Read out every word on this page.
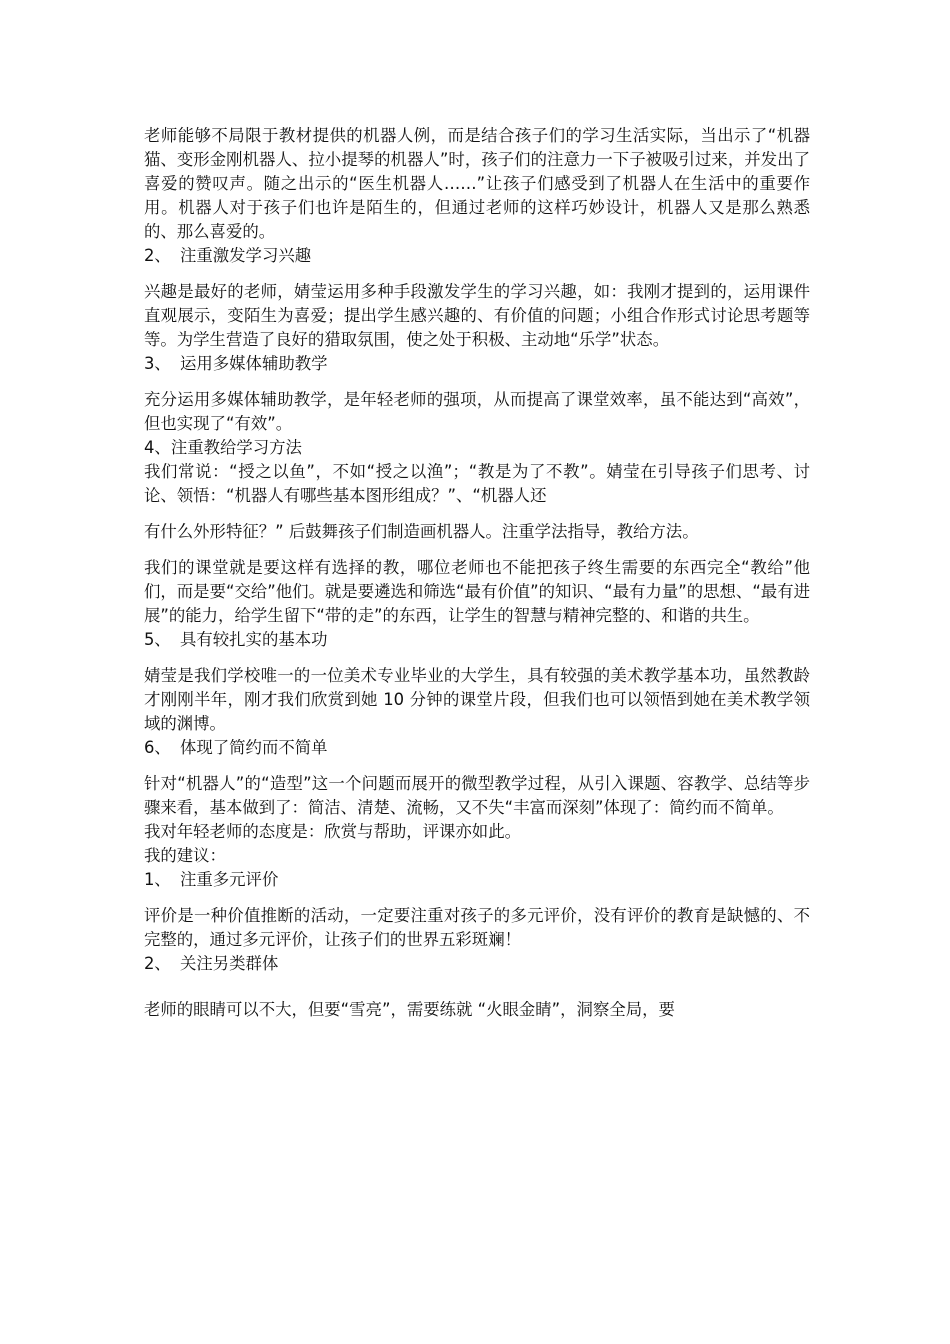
老师能够不局限于教材提供的机器人例，而是结合孩子们的学习生活实际，当出示了“机器猫、变形金刚机器人、拉小提琴的机器人”时，孩子们的注意力一下子被吸引过来，并发出了喜爱的赞叹声。随之出示的“医生机器人……”让孩子们感受到了机器人在生活中的重要作用。机器人对于孩子们也许是陌生的，但通过老师的这样巧妙设计，机器人又是那么熟悉的、那么喜爱的。

2、 注重激发学习兴趣

兴趣是最好的老师，婧莹运用多种手段激发学生的学习兴趣，如：我刚才提到的，运用课件直观展示，变陌生为喜爱；提出学生感兴趣的、有价值的问题；小组合作形式讨论思考题等等。为学生营造了良好的猎取氛围，使之处于积极、主动地“乐学”状态。

3、 运用多媒体辅助教学

充分运用多媒体辅助教学，是年轻老师的强项，从而提高了课堂效率，虽不能达到“高效”，但也实现了“有效”。

4、注重教给学习方法

我们常说：“授之以鱼”，不如“授之以渔”；“教是为了不教”。婧莹在引导孩子们思考、讨论、领悟：“机器人有哪些基本图形组成？”、“机器人还

有什么外形特征？” 后鼓舞孩子们制造画机器人。注重学法指导，教给方法。

我们的课堂就是要这样有选择的教，哪位老师也不能把孩子终生需要的东西完全“教给”他们，而是要“交给”他们。就是要遴选和筛选“最有价值”的知识、“最有力量”的思想、“最有进展”的能力，给学生留下“带的走”的东西，让学生的智慧与精神完整的、和谐的共生。

5、 具有较扎实的基本功

婧莹是我们学校唯一的一位美术专业毕业的大学生，具有较强的美术教学基本功，虽然教龄才刚刚半年，刚才我们欣赏到她 10 分钟的课堂片段，但我们也可以领悟到她在美术教学领域的渊博。

6、 体现了简约而不简单

针对“机器人”的“造型”这一个问题而展开的微型教学过程，从引入课题、容教学、总结等步骤来看，基本做到了：简洁、清楚、流畅，又不失“丰富而深刻”体现了：简约而不简单。

我对年轻老师的态度是：欣赏与帮助，评课亦如此。

我的建议：

1、 注重多元评价

评价是一种价值推断的活动，一定要注重对孩子的多元评价，没有评价的教育是缺憾的、不完整的，通过多元评价，让孩子们的世界五彩斑斓！

2、 关注另类群体

老师的眼睛可以不大，但要“雪亮”，需要练就 “火眼金睛”，洞察全局，要
